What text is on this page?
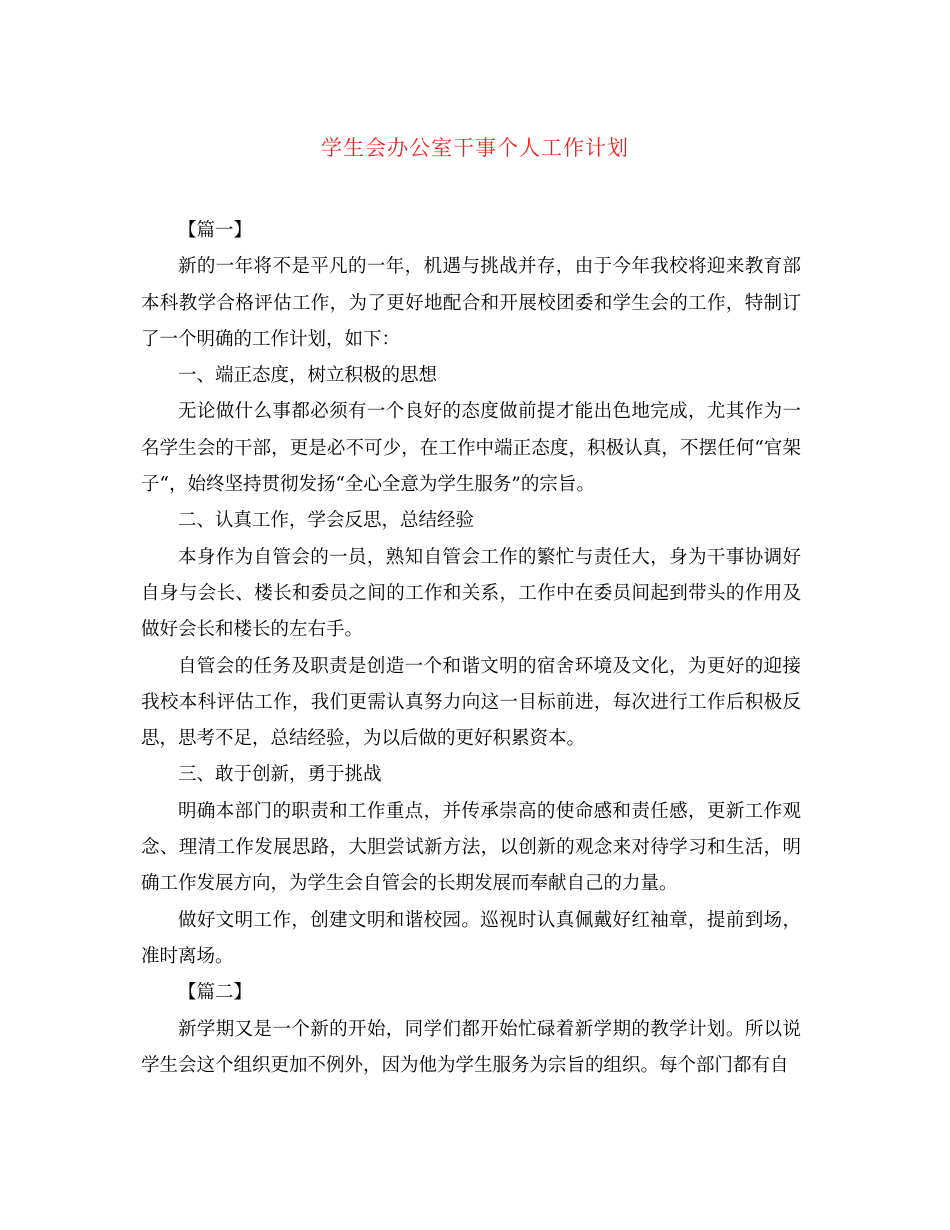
学生会办公室干事个人工作计划

【篇一】

新的一年将不是平凡的一年，机遇与挑战并存，由于今年我校将迎来教育部本科教学合格评估工作，为了更好地配合和开展校团委和学生会的工作，特制订了一个明确的工作计划，如下：

一、端正态度，树立积极的思想

无论做什么事都必须有一个良好的态度做前提才能出色地完成，尤其作为一名学生会的干部，更是必不可少，在工作中端正态度，积极认真，不摆任何“官架子“，始终坚持贯彻发扬“全心全意为学生服务”的宗旨。

二、认真工作，学会反思，总结经验

本身作为自管会的一员，熟知自管会工作的繁忙与责任大，身为干事协调好自身与会长、楼长和委员之间的工作和关系，工作中在委员间起到带头的作用及做好会长和楼长的左右手。

自管会的任务及职责是创造一个和谐文明的宿舍环境及文化，为更好的迎接我校本科评估工作，我们更需认真努力向这一目标前进，每次进行工作后积极反思，思考不足，总结经验，为以后做的更好积累资本。

三、敢于创新，勇于挑战

明确本部门的职责和工作重点，并传承崇高的使命感和责任感，更新工作观念、理清工作发展思路，大胆尝试新方法，以创新的观念来对待学习和生活，明确工作发展方向，为学生会自管会的长期发展而奉献自己的力量。

做好文明工作，创建文明和谐校园。巡视时认真佩戴好红袖章，提前到场，准时离场。

【篇二】

新学期又是一个新的开始，同学们都开始忙碌着新学期的教学计划。所以说学生会这个组织更加不例外，因为他为学生服务为宗旨的组织。每个部门都有自
